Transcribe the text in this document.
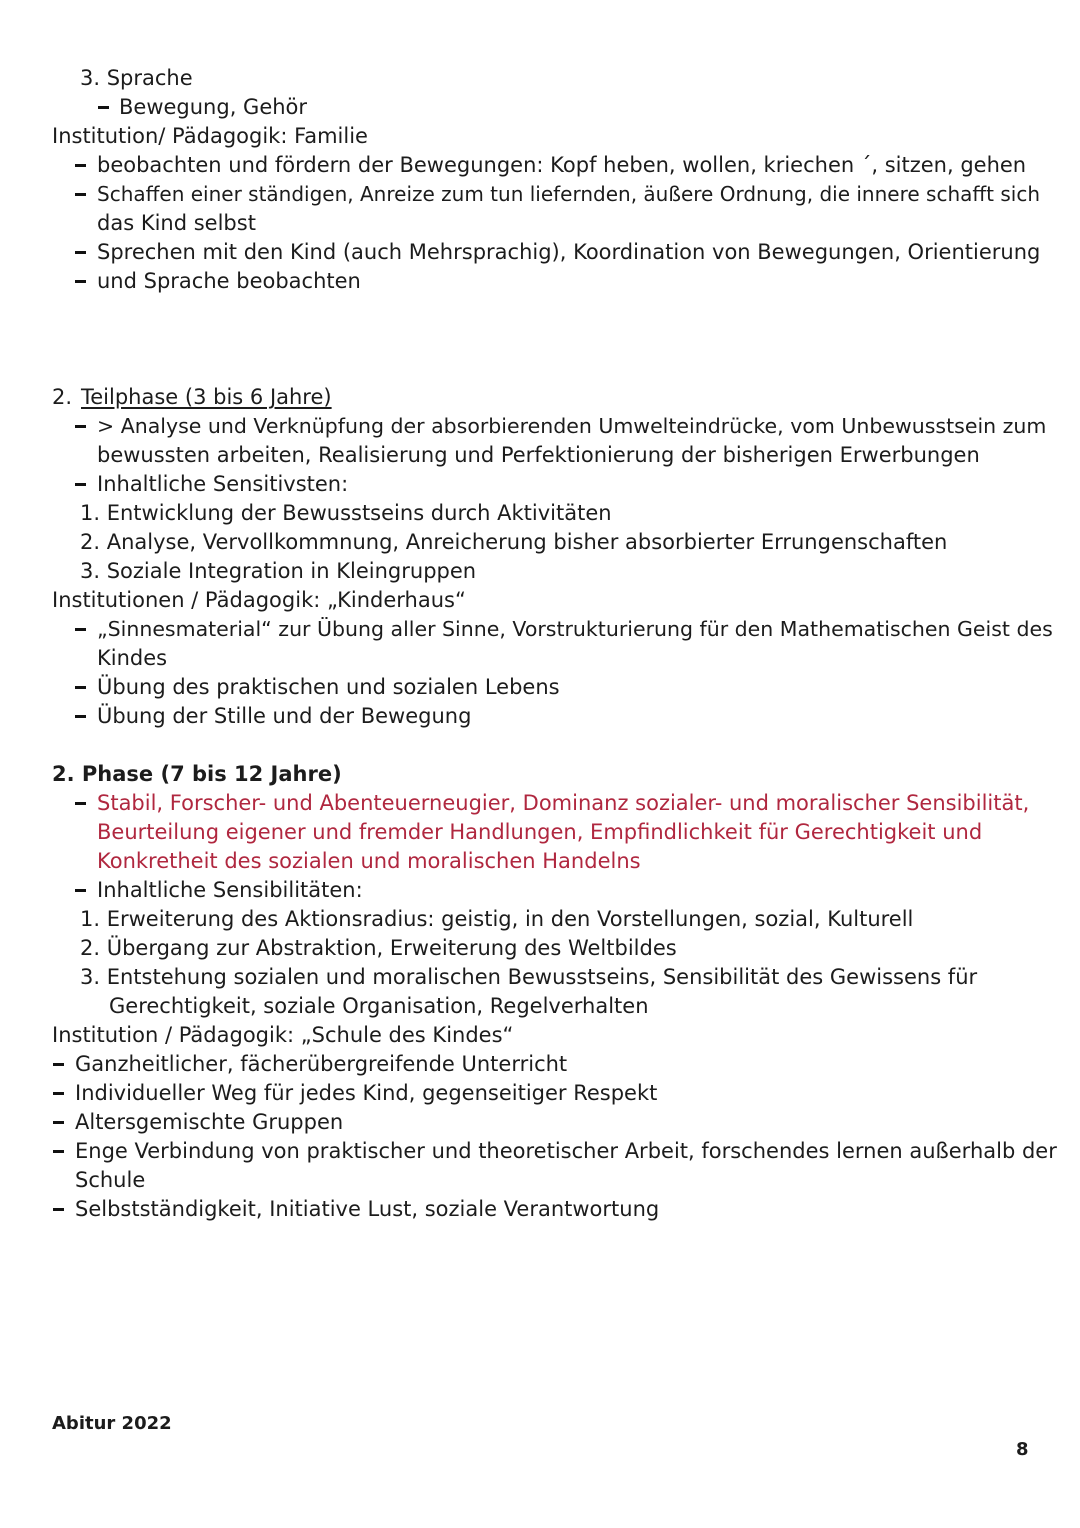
3. Sprache
Bewegung, Gehör
Institution/ Pädagogik: Familie
beobachten und fördern der Bewegungen: Kopf heben, wollen, kriechen ´, sitzen, gehen
Schaffen einer ständigen, Anreize zum tun liefernden, äußere Ordnung, die innere schafft sich
das Kind selbst
Sprechen mit den Kind (auch Mehrsprachig), Koordination von Bewegungen, Orientierung
und Sprache beobachten
2. Teilphase (3 bis 6 Jahre)
> Analyse und Verknüpfung der absorbierenden Umwelteindrücke, vom Unbewusstsein zum
bewussten arbeiten, Realisierung und Perfektionierung der bisherigen Erwerbungen
Inhaltliche Sensitivsten:
1. Entwicklung der Bewusstseins durch Aktivitäten
2. Analyse, Vervollkommnung, Anreicherung bisher absorbierter Errungenschaften
3. Soziale Integration in Kleingruppen
Institutionen / Pädagogik: „Kinderhaus“
„Sinnesmaterial“ zur Übung aller Sinne, Vorstrukturierung für den Mathematischen Geist des
Kindes
Übung des praktischen und sozialen Lebens
Übung der Stille und der Bewegung
2. Phase (7 bis 12 Jahre)
Stabil, Forscher- und Abenteuerneugier, Dominanz sozialer- und moralischer Sensibilität,
Beurteilung eigener und fremder Handlungen, Empfindlichkeit für Gerechtigkeit und
Konkretheit des sozialen und moralischen Handelns
Inhaltliche Sensibilitäten:
1. Erweiterung des Aktionsradius: geistig, in den Vorstellungen, sozial, Kulturell
2. Übergang zur Abstraktion, Erweiterung des Weltbildes
3. Entstehung sozialen und moralischen Bewusstseins, Sensibilität des Gewissens für
Gerechtigkeit, soziale Organisation, Regelverhalten
Institution / Pädagogik: „Schule des Kindes“
Ganzheitlicher, fächerübergreifende Unterricht
Individueller Weg für jedes Kind, gegenseitiger Respekt
Altersgemischte Gruppen
Enge Verbindung von praktischer und theoretischer Arbeit, forschendes lernen außerhalb der
Schule
Selbstständigkeit, Initiative Lust, soziale Verantwortung
Abitur 2022
8
